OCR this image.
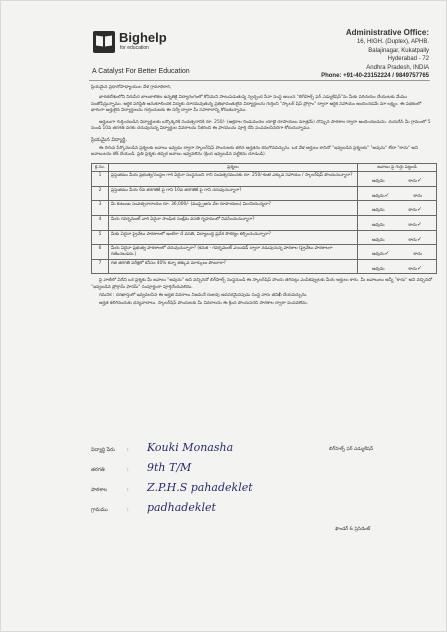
Bighelp
for education
A Catalyst For Better Education
Administrative Office:
16, HIGH. (Duplex), APHB.
Balajinagar, Kukatpally
Hyderabad - 72
Andhra Pradesh, INDIA
Phone: +91-40-23152224 / 9849757765

ప్రియమైన ప్రధానోపాధ్యాయుల వేళ గ్రామాధికారి,

భారతదేశంలోని నిరుపేద బాలబాలికల ఉన్నతికై విద్యారంగంలో కోసమని పాటుపడుతున్న స్వచ్ఛంద సేవా సంస్థ అయిన "బిగ్‌హెల్ప్ ఫర్ ఎడ్యుకేషన్"ను మీకు పరిచయం చేయుటకు మేము సంతోషిస్తున్నాము. ఆర్థిక పరిస్థితి అనుకూలించక విద్యకు దూరమవుతున్న ప్రతిభావంతులైన విద్యార్థులను గుర్తించి "స్కాలర్ షిప్ ప్రోగ్రాం" ద్వారా ఆర్థిక సహాయం అందించడమే మా లక్ష్యం. ఈ పథకంలో భాగంగా అర్హులైన విద్యార్థులను గుర్తించుటకు ఈ సర్వే ద్వారా మీ సహకారాన్ని కోరుతున్నాము.

అర్హులుగా గుర్తించబడిన విద్యార్థులకు ఒక్కొక్కరికి సంవత్సరానికి రూ. 250/- (అక్షరాల రెండువందల యాభై రూపాయలు మాత్రమే) చొప్పున పాఠశాల ద్వారా అందించబడును. దయచేసి మీ గ్రామంలో 5 నుండి 10వ తరగతి వరకు చదువుచున్న విద్యార్థుల వివరాలను సేకరించి ఈ ఫారమును పూర్తి చేసి పంపవలసినదిగా కోరుచున్నాము.

ప్రియమైన విద్యార్థి,

ఈ దిగువ పేర్కొనబడిన ప్రశ్నలకు జవాబు ఇవ్వడం ద్వారా స్కాలర్‌షిప్ పొందుటకు తగిన అర్హతను కనుగొనవచ్చును. ఒక వేళ అర్హులు కానిచో "ఇవ్వబడిన ప్రశ్నలకు" "అవును" లేదా "కాదు" అని జవాబులను టిక్ చేయండి. ప్రతి ప్రశ్నకు తప్పక జవాబు ఇవ్వవలెను (క్రింద ఇవ్వబడిన పట్టికను చూడండి).

క్ర.సం.	ప్రశ్నలు	జవాబు పై గుర్తు పెట్టండి
1	ప్రస్తుతము మీరు ప్రభుత్వ/సంస్థల గారి ఏదైనా సంస్థనుంచి గాని సంవత్సరమునకు రూ. 250/-కంటె ఎక్కువ సహాయం / స్కాలర్‌షిప్ పొందుచున్నారా?	అవును కాదు✓

2	ప్రస్తుతము మీరు 6వ తరగతికి పై గాని 10వ తరగతికి పై గాని చదువుచున్నారా?	అవును✓ కాదు

3	మీ కుటుంబ సంవత్సరాదాయం రూ. 36,000/- (ముప్పైఆరు వేల రూపాయలు) మించియున్నదా?	అవును కాదు✓

4	మీరు గవర్నమెంట్ వారి ఏదైనా సాంఘిక సంక్షేమ వసతి గృహములో నివసించుచున్నారా?	అవును కాదు✓

5	మీకు ఏదైనా ప్రైవేటు పాఠశాలలో ఇంటిగా చే వసతి, విద్యాబుద్ధి ప్రవేశ సౌకర్యం కల్పించుచున్నారా?	అవును కాదు✓

6	మీరు ఏదైనా ప్రభుత్వ పాఠశాలలో చదువుచున్నారా? (కనుక - గవర్నమెంట్ ఎయిడెడ్ ద్వారా నడుపుచున్న పాఠశాల (ప్రైవేటు పాఠశాలగా గణించబడదు.)	అవును✓ కాదు

7	గత తరగతి పరీక్షలో కనీసం 40% కన్నా తక్కువ మార్కులు పొందారా?	అవును కాదు✓

పై వాటిలో ఏదేని ఒక ప్రశ్నకు మీ జవాబు "అవును" అని వచ్చినచో బిగ్‌హెల్ప్ సంస్థనుండి ఈ స్కాలర్‌షిప్ పొందు తగినట్లు ఎంపికవ్వుటకు మీరు అర్హులు కారు. మీ జవాబులు అన్నీ "కాదు" అని వచ్చినచో "ఇవ్వబడిన ప్రోగ్రామ్ ఫారమ్" సంపూర్ణంగా పూర్తిచేయవలెను.

గమనిక : దరఖాస్తులో ఇవ్వవలసిన ఈ అర్హత వివరాలు నిజమనే రుజువు అవసరమైనపుడు సంస్థ వారు తనిఖీ చేయవచ్చును.

అర్హత కలిగినందుకు ధన్యవాదాలు. స్కాలర్‌షిప్ పొందుటకు మీ వివరాలను ఈ క్రింద పొందుపరచి పాఠశాల ద్వారా పంపవలెను.

విద్యార్థి పేరు :	Kouki Monasha
తరగతి	:	9th T/M
పాఠశాల	:	Z.P.H.S pahadeklet
గ్రామము	:	padhadeklet
బిగ్‌హెల్ప్ ఫర్ ఎడ్యుకేషన్
ఫౌండర్ & ప్రెసిడెంట్
